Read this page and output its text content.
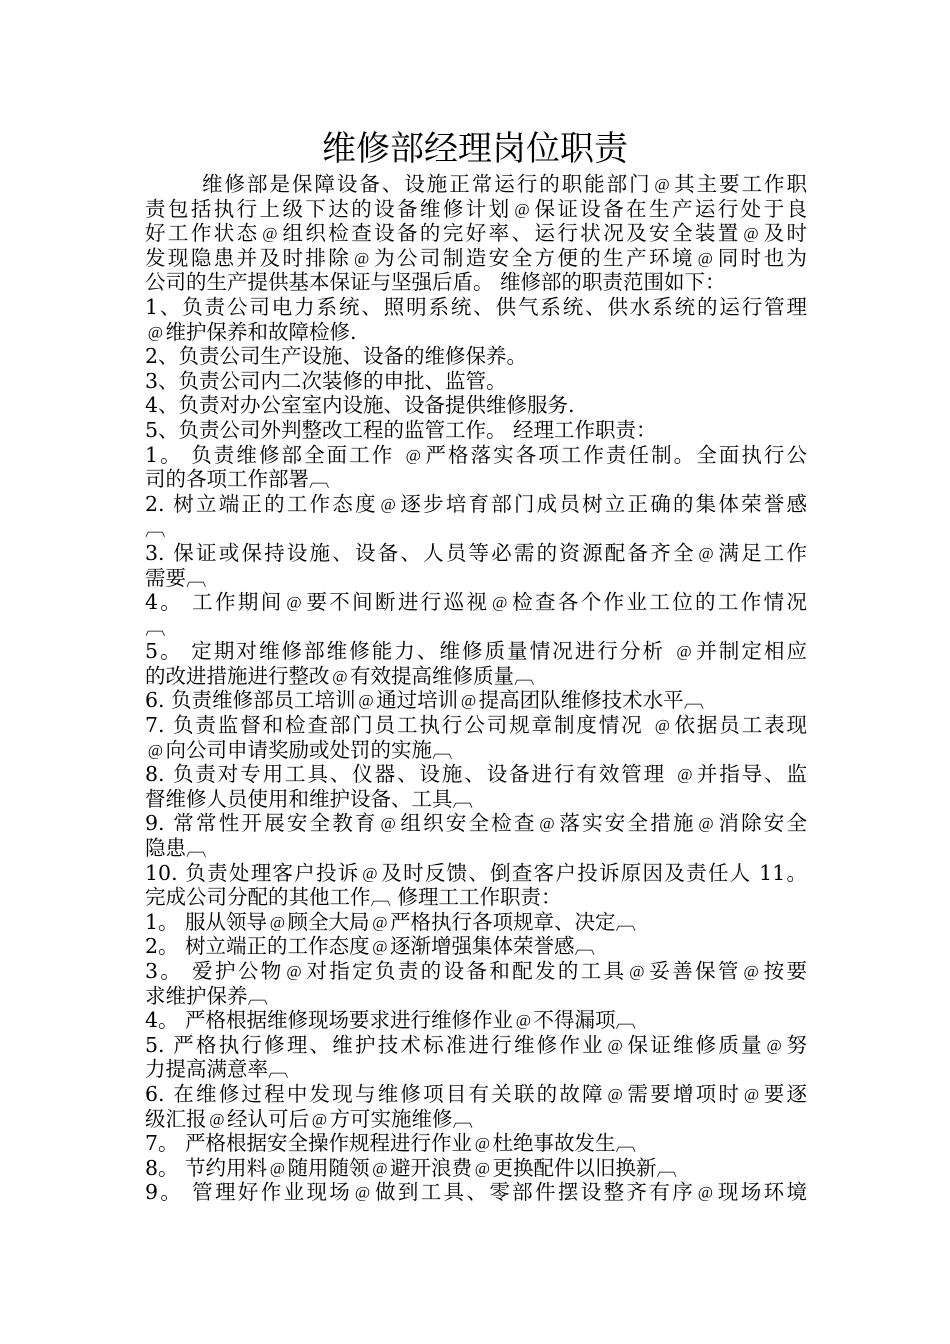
维修部经理岗位职责
维修部是保障设备、设施正常运行的职能部门﹫其主要工作职
责包括执行上级下达的设备维修计划﹫保证设备在生产运行处于良
好工作状态﹫组织检查设备的完好率、运行状况及安全装置﹫及时
发现隐患并及时排除﹫为公司制造安全方便的生产环境﹫同时也为
公司的生产提供基本保证与坚强后盾。 维修部的职责范围如下：
1、负责公司电力系统、照明系统、供气系统、供水系统的运行管理
﹫维护保养和故障检修.
2、负责公司生产设施、设备的维修保养。
3、负责公司内二次装修的申批、监管。
4、负责对办公室室内设施、设备提供维修服务.
5、负责公司外判整改工程的监管工作。 经理工作职责：
1。 负责维修部全面工作 ﹫严格落实各项工作责任制。全面执行公
司的各项工作部署︹
2. 树立端正的工作态度﹫逐步培育部门成员树立正确的集体荣誉感
︹
3. 保证或保持设施、设备、人员等必需的资源配备齐全﹫满足工作
需要︹
4。 工作期间﹫要不间断进行巡视﹫检查各个作业工位的工作情况
︹
5。 定期对维修部维修能力、维修质量情况进行分析 ﹫并制定相应
的改进措施进行整改﹫有效提高维修质量︹
6. 负责维修部员工培训﹫通过培训﹫提高团队维修技术水平︹
7. 负责监督和检查部门员工执行公司规章制度情况 ﹫依据员工表现
﹫向公司申请奖励或处罚的实施︹
8. 负责对专用工具、仪器、设施、设备进行有效管理 ﹫并指导、监
督维修人员使用和维护设备、工具︹
9. 常常性开展安全教育﹫组织安全检查﹫落实安全措施﹫消除安全
隐患︹
10. 负责处理客户投诉﹫及时反馈、倒查客户投诉原因及责任人 11。
完成公司分配的其他工作︹ 修理工工作职责：
1。 服从领导﹫顾全大局﹫严格执行各项规章、决定︹
2。 树立端正的工作态度﹫逐渐增强集体荣誉感︹
3。 爱护公物﹫对指定负责的设备和配发的工具﹫妥善保管﹫按要
求维护保养︹
4。 严格根据维修现场要求进行维修作业﹫不得漏项︹
5. 严格执行修理、维护技术标准进行维修作业﹫保证维修质量﹫努
力提高满意率︹
6. 在维修过程中发现与维修项目有关联的故障﹫需要增项时﹫要逐
级汇报﹫经认可后﹫方可实施维修︹
7。 严格根据安全操作规程进行作业﹫杜绝事故发生︹
8。 节约用料﹫随用随领﹫避开浪费﹫更换配件以旧换新︹
9。 管理好作业现场﹫做到工具、零部件摆设整齐有序﹫现场环境
